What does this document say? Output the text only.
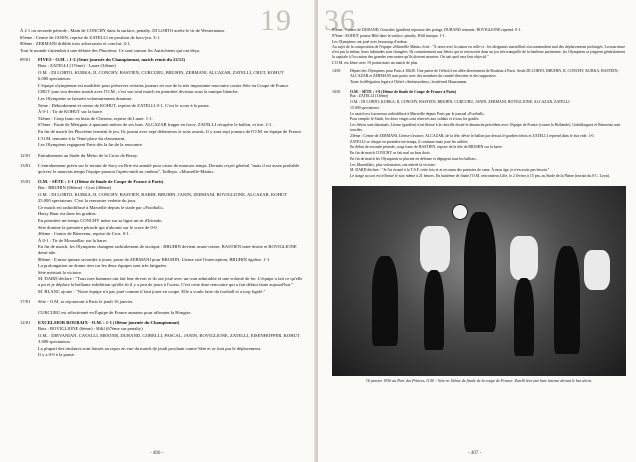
19
À 2 1 on seconde période : Main de CONCHY dans la surface, penalty. DI LORTO arrête le tir de Westermann.
65ème : Centre de JANIN, reprise de ZATELLI en position de hors-jeu. 3-1.
80ème : ZERMANI dribble trois adversaires et conclut. 4-1.
Tout le monde s'attendait à une défaite des Phocéens. Ce sont surtout les Autrichiens qui ont déçu.
09/01	FIVES - O.M. : 1-2 (3ème journée du Championnat, match remis du 22/12)
Buts : ZATELLI (17ème) - Lauer (34ème)
O.M. : DI LORTO, KURKA, II, CONCHY, BASTIEN, CURCURU, BRUHIN, ZERMANI, ALCAZAR, ZATELLI, CRUT, KOHUT
6.000 spectateurs.
L'équipe olympienne est modifiée pour préserver certains joueurs en vue de la très importante rencontre contre Sète en Coupe de France.
CRUT joue son dernier match avec l'O.M., c'est son seul match en première division sous la tunique blanche.
Les Olympiens se laissent volontairement dominer.
5ème : Débordement et centre de KOHUT, reprise de ZATELLI 0-1. C'est le score à la pause.
À 0-1 : Tir de KOHUT sur la barre.
54ème : Coup franc en biais de Chesens, reprise de Lauer. 1-1.
67ème : Faute de Mérignac à quarante mètres de ses buts. ALCAZAR frappe en force, ZATELLI récupère le ballon, et tire. 2-1.
En fin de match les Phocéens ferment le jeu. Ils jouent avec sept défenseurs et trois avants. Il y aura sept joueurs de l'O.M. en équipe de France.
L'O.M. remonte à la 7ème place du classement.
Les Olympiens regagnent Paris dès la fin de la rencontre.
12/01	Entraînement au Stade du Métro de la Croix de Berny.
13/01	L'entraînement prévu sur le terrain de Sucy en Brie est annulé pour cause de mauvais temps. Dernais reçoit général "mais il est assez probable qu'avec le mauvais temps l'équipe passera l'après-midi au cinéma", Taillepo. «Marseille-Matin».
15/01	O.M. - SÈTE : 1-1 (16ème de finale de Coupe de France à Paris)
But : BRUHIN (66ème) - Cros (46ème)
O.M. : DI LORTO, KURKA, II, CONCHY, BASTIEN, RABIH, BRUHIN, JANIN, ZERMANI, ROVIGLIONE, ALCAZAR, KOHUT
25.000 spectateurs. C'est la rencontre vedette du jour.
Ce match est radiodiffusé à Marseille depuis le stade par «Football».
Harry Baur est dans les gradins.
En première mi-temps CONCHY mène sur sa ligne un tir d'Irtondo.
Sète domine la première période qui n'aboutit sur le score de 0-0.
46ème : Centre de Bienvenu, reprise de Cros. 0-1.
À 0-1 : Tir de Mousaillac sur la barre.
En fin de match, les Olympiens changent radicalement de tactique : BRUHIN devient avant-centre, BASTIEN inter-droite et ROVIGLIONE demi-aile.
86ème : Il mise quinze secondes à jouer, passe de ZERMANI pour BRUHIN, Llense raté l'interception, BRUHIN égalise. 1-1.
La prolongation ne donne rien car les deux équipes sont très fatiguées.
Sète méritait la victoire.
M. DARD déclare : "Tous mes hommes ont fait leur devoir et ils ont joué avec un cran admirable et une volonté de fer. L'équipe a fait ce qu'elle a pu et je déplore la brillante exhibition qu'elle fit il y a peu de jours à l'ouest. C'est cette dure rencontre qui a fait défaut faute aujourd'hui."
M. BLANC ajoute : "Notre équipe n'a pas joué comme il faut jouer en coupe. Elle a voulu faire du football et a trop figolé."
17/01	Sète - O.M. se rejoueront à Paris le jeudi 16 janvier.
CURCURU est sélectionné en Équipe de France amateur pour affronter la Hongrie.
12/01	EXCELSIOR ROUBAIX - O.M. : 1-1 (10ème journée du Championnat)
Buts : ROVIGLIONE (6ème) - Hiltl (67ème sur penalty)
O.M. : DIEVANIAN, CAVALLI, MESTER, DURAND, GORELLI, PASCAL, JANIN, ROVIGLIONE, ZATELLI, EISENHOFFER, KOHUT
3.000 spectateurs.
La plupart des titulaires sont laissés au repos en vue du match de jeudi prochain contre Sète et se font par le déplacement.
Il y a 0-0 à la pause.
- 406 -
36
81ème : Corner de DURAND, Gonzales (gardien) repousse des poings, DURAND remonte, ROVIGLIONE reprend. 0-1.
87ème : KOHUT pousse Hiltl dans la surface, penalty. Hiltl marque. 1-1.
Les Olympiens ont joué avec beaucoup d'ardeur.
Au sujet de la composition de l'équipe «Marseille Matin» écrit : "À notre avis la raison en celle-ci : les dirigeants marseillais n'accommodent mal des déplacements prolongés. La nourriture n'est pas la même, leurs habitudes sont changées. Ils contrairement aux Sétois qui se retrouvent dans un jeu très tranquille de la banlieue parisienne, les Olympiens se joignent généralement la capitale à l'occasion des grandes rencontres qu'ils doivent montrer. On sait quel sera leur objectif."
L'O.M. est 4ème avec 19 points mais un match de plus.
14/01	Départ des Olympiens pour Paris à 10h30. Une partie de l'effectif est allée directement de Roubaix à Paris. Seuls DI LORTO, BRUHIN, II, CONCHY, KURKA, BASTIEN, ALCAZAR et ZERMANI sont partis avec des membres du comité directeur et des supporters.
Toute la délégation logera à l'hôtel «Ambassadeur», boulevard Haussmann.
16/01	O.M. - SÈTE : 1-0 (16ème de finale de Coupe de France à Paris)
But : ZATELLI (13ème)
O.M. : DI LORTO, KURKA, II, CONCHY, BASTIEN, BRUHIN, CURCURU, JANIN, ZERMANI, ROVIGLIONE, ALCAZAR, ZATELLI
15.000 spectateurs.
Le match est à nouveau radiodiffusé à Marseille depuis Paris par le journal «Football».
Pour remplir le Stade, les deux vingts sont réservés aux soldats et à tous les gradés.
Les Sétois sont diminués, Llense (gardien) n'est blessé à la cheville droite le dimanche précédent avec l'équipe de France (contre la Hollande), Gabrillargues et Bienvenu sont touchés.
23ème : Centre de ZERMANI, Llense s'avance, ALCAZAR, de la tête, dévie le ballon par dessus le gardien sétois et ZATELLI reprend dans le but vide. 1-0.
ZATELLI se chique en première mi-temps, il continue mais joue les utilités.
En début de seconde période, coup franc de BASTIEN, reprise de la tête de BRUHIN sur la barre.
En fin de match CONCHY se fait mal au bras droit.
En fin de match les Olympiens se placent en défense et dégagent tous les ballons.
Les Marseillais, plus volontaires, ont mérité la victoire.
M. DARD déclare : "Je l'ai écouté à la T.S.F. cette fois et ai reconnu des patriotes de cœur. À mon âge, je n'en avais pas besoin."
Le tirage au sort est effectué le soir même à 21 heures. En huitième de finale l'O.M. rencontrera Lille, le 2 février à 15 pm, au Stade de la Plaine (terrain du F.C. Lyon).
16 janvier 1936 au Parc des Princes, O.M. - Sète en 16ème de finale de la coupe de France. Zatelli lève une haie intense devant le but sétois.
- 407 -
